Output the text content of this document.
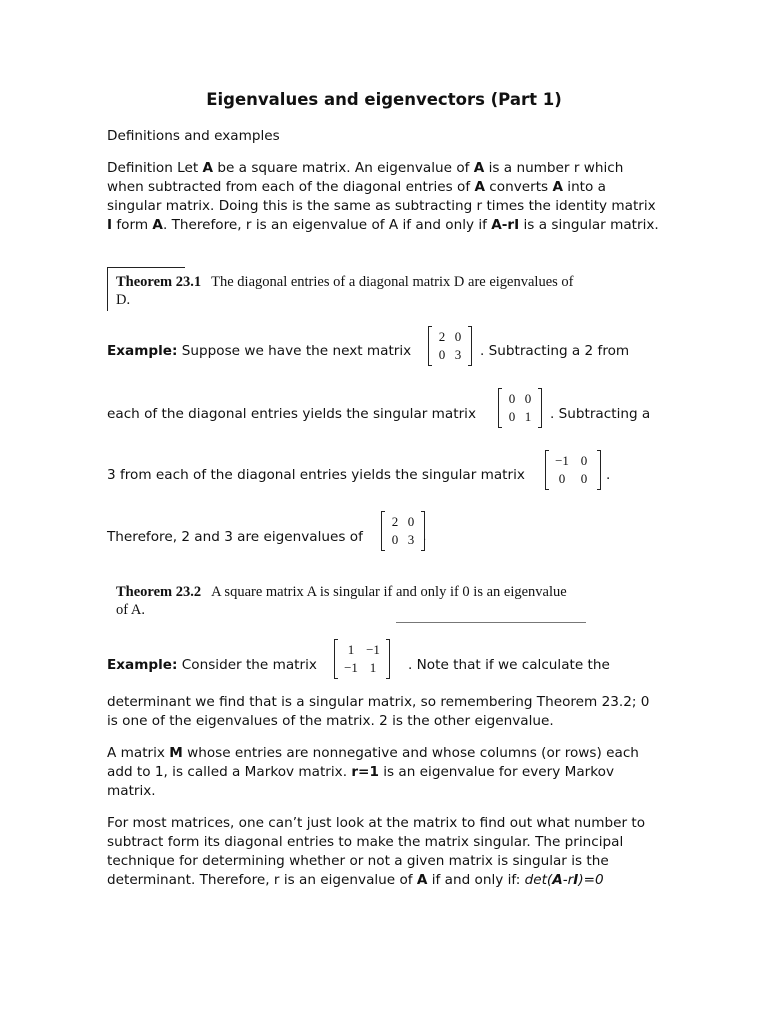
Eigenvalues and eigenvectors (Part 1)
Definitions and examples
Definition Let A be a square matrix. An eigenvalue of A is a number r which when subtracted from each of the diagonal entries of A converts A into a singular matrix. Doing this is the same as subtracting r times the identity matrix I form A. Therefore, r is an eigenvalue of A if and only if A-rI is a singular matrix.
Theorem 23.1 The diagonal entries of a diagonal matrix D are eigenvalues of D.
Example: Suppose we have the next matrix
2 0
0 3	. Subtracting a 2 from
each of the diagonal entries yields the singular matrix
0 0
0 1	. Subtracting a
3 from each of the diagonal entries yields the singular matrix
−1 0
0	0	.
Therefore, 2 and 3 are eigenvalues of
2 0
0 3 .
Theorem 23.2 A square matrix A is singular if and only if 0 is an eigenvalue of A.
Example: Consider the matrix
1 −1
−1 1	. Note that if we calculate the
determinant we find that is a singular matrix, so remembering Theorem 23.2; 0 is one of the eigenvalues of the matrix. 2 is the other eigenvalue.
A matrix M whose entries are nonnegative and whose columns (or rows) each add to 1, is called a Markov matrix. r=1 is an eigenvalue for every Markov matrix.
For most matrices, one can’t just look at the matrix to find out what number to subtract form its diagonal entries to make the matrix singular. The principal technique for determining whether or not a given matrix is singular is the determinant. Therefore, r is an eigenvalue of A if and only if: det(A-rI)=0
